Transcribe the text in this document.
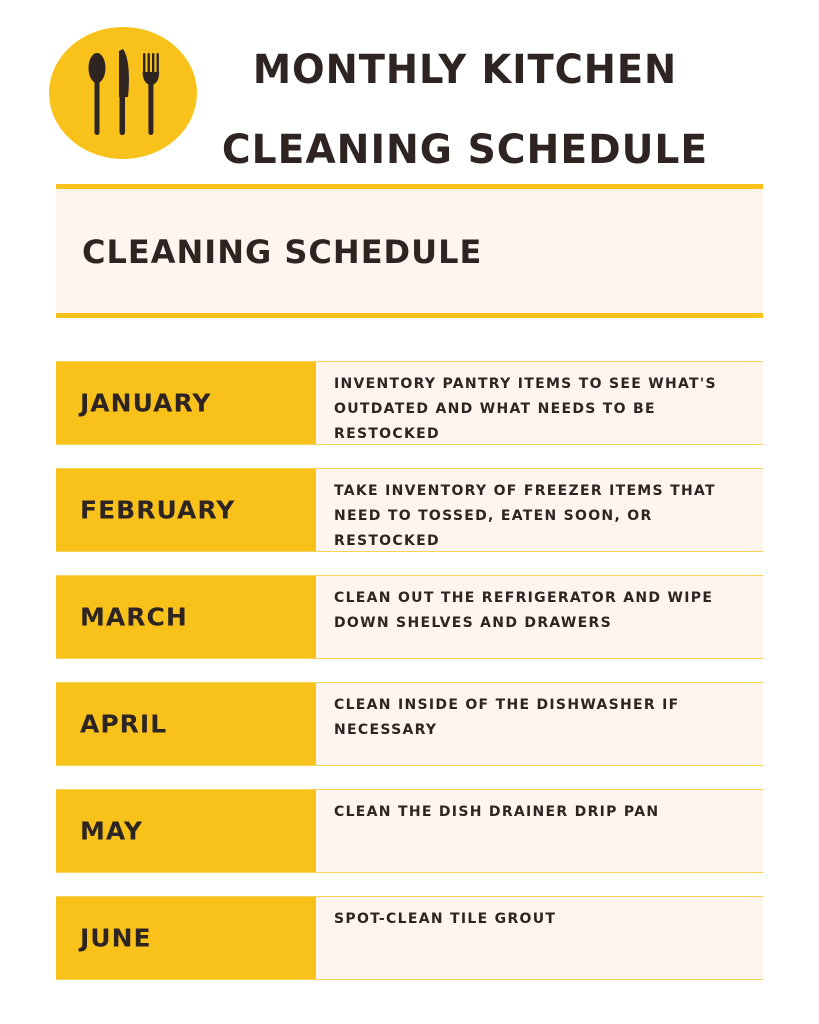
MONTHLY KITCHEN
CLEANING SCHEDULE
CLEANING SCHEDULE
JANUARY
INVENTORY PANTRY ITEMS TO SEE WHAT'S OUTDATED AND WHAT NEEDS TO BE RESTOCKED
FEBRUARY
TAKE INVENTORY OF FREEZER ITEMS THAT NEED TO TOSSED, EATEN SOON, OR RESTOCKED
MARCH
CLEAN OUT THE REFRIGERATOR AND WIPE DOWN SHELVES AND DRAWERS
APRIL
CLEAN INSIDE OF THE DISHWASHER IF NECESSARY
MAY
CLEAN THE DISH DRAINER DRIP PAN
JUNE
SPOT-CLEAN TILE GROUT
